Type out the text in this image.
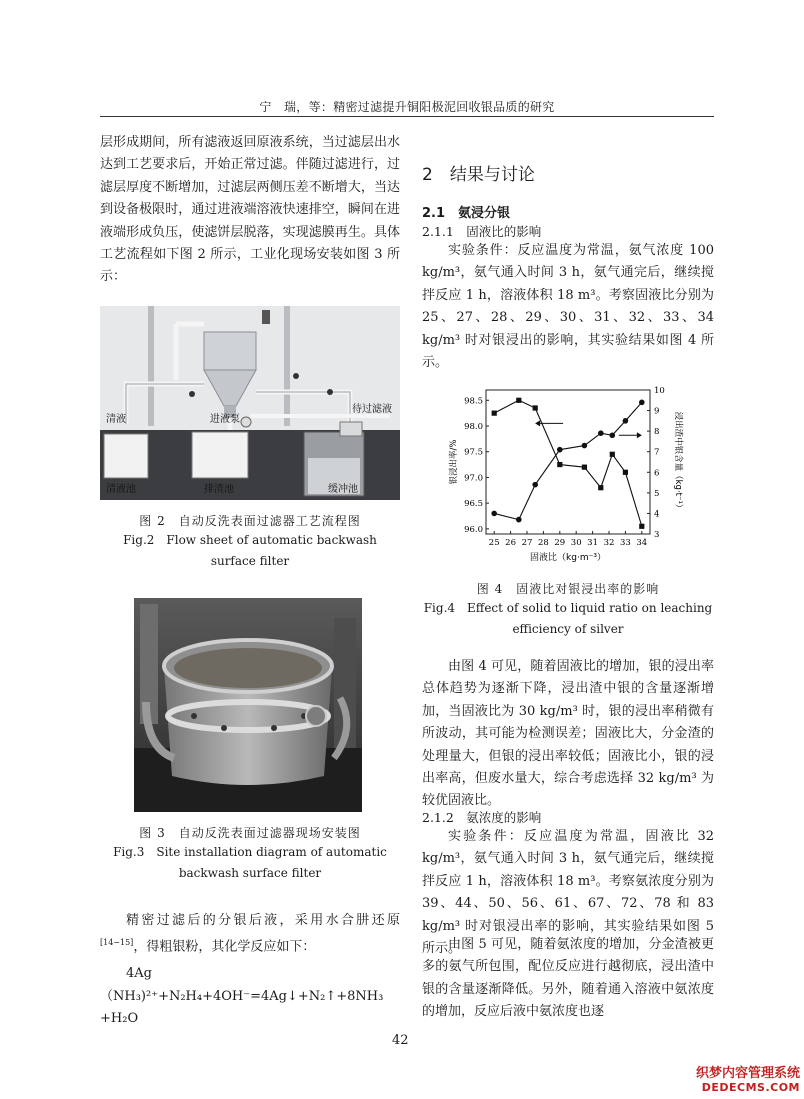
宁　瑞，等：精密过滤提升铜阳极泥回收银品质的研究

层形成期间，所有滤液返回原液系统，当过滤层出水达到工艺要求后，开始正常过滤。伴随过滤进行，过滤层厚度不断增加，过滤层两侧压差不断增大，当达到设备极限时，通过进液端溶液快速排空，瞬间在进液端形成负压，使滤饼层脱落，实现滤膜再生。具体工艺流程如下图 2 所示，工业化现场安装如图 3 所示：

清液
清液池
进液泵
排渣池
待过滤液
缓冲池
图 2　自动反洗表面过滤器工艺流程图
Fig.2　Flow sheet of automatic backwash surface filter
图 3　自动反洗表面过滤器现场安装图
Fig.3　Site installation diagram of automatic backwash surface filter

精密过滤后的分银后液，采用水合肼还原[14−15]，得粗银粉，其化学反应如下：

4Ag（NH₃)²⁺+N₂H₄+4OH⁻=4Ag↓+N₂↑+8NH₃

+H₂O

2　结果与讨论
2.1　氨浸分银
2.1.1　固液比的影响

实验条件：反应温度为常温，氨气浓度 100 kg/m³，氨气通入时间 3 h，氨气通完后，继续搅拌反应 1 h，溶液体积 18 m³。考察固液比分别为 25、27、28、29、30、31、32、33、34 kg/m³ 时对银浸出的影响，其实验结果如图 4 所示。

25 26 27 28 29 30 31 32 33 34
96.0
96.5
97.0
97.5
98.0
98.5
3
4
5
6
7
8
9
10
固液比（kg·m⁻³）
银浸出率/%	浸出渣中银含量（kg·t⁻¹）
图 4　固液比对银浸出率的影响
Fig.4　Effect of solid to liquid ratio on leaching efficiency of silver

由图 4 可见，随着固液比的增加，银的浸出率总体趋势为逐渐下降，浸出渣中银的含量逐渐增加，当固液比为 30 kg/m³ 时，银的浸出率稍微有所波动，其可能为检测误差；固液比大，分金渣的处理量大，但银的浸出率较低；固液比小，银的浸出率高，但废水量大，综合考虑选择 32 kg/m³ 为较优固液比。

2.1.2　氨浓度的影响

实验条件：反应温度为常温，固液比 32 kg/m³，氨气通入时间 3 h，氨气通完后，继续搅拌反应 1 h，溶液体积 18 m³。考察氨浓度分别为 39、44、50、56、61、67、72、78 和 83 kg/m³ 时对银浸出率的影响，其实验结果如图 5 所示。

由图 5 可见，随着氨浓度的增加，分金渣被更多的氨气所包围，配位反应进行越彻底，浸出渣中银的含量逐渐降低。另外，随着通入溶液中氨浓度的增加，反应后液中氨浓度也逐

42
织梦内容管理系统
DEDECMS.COM
